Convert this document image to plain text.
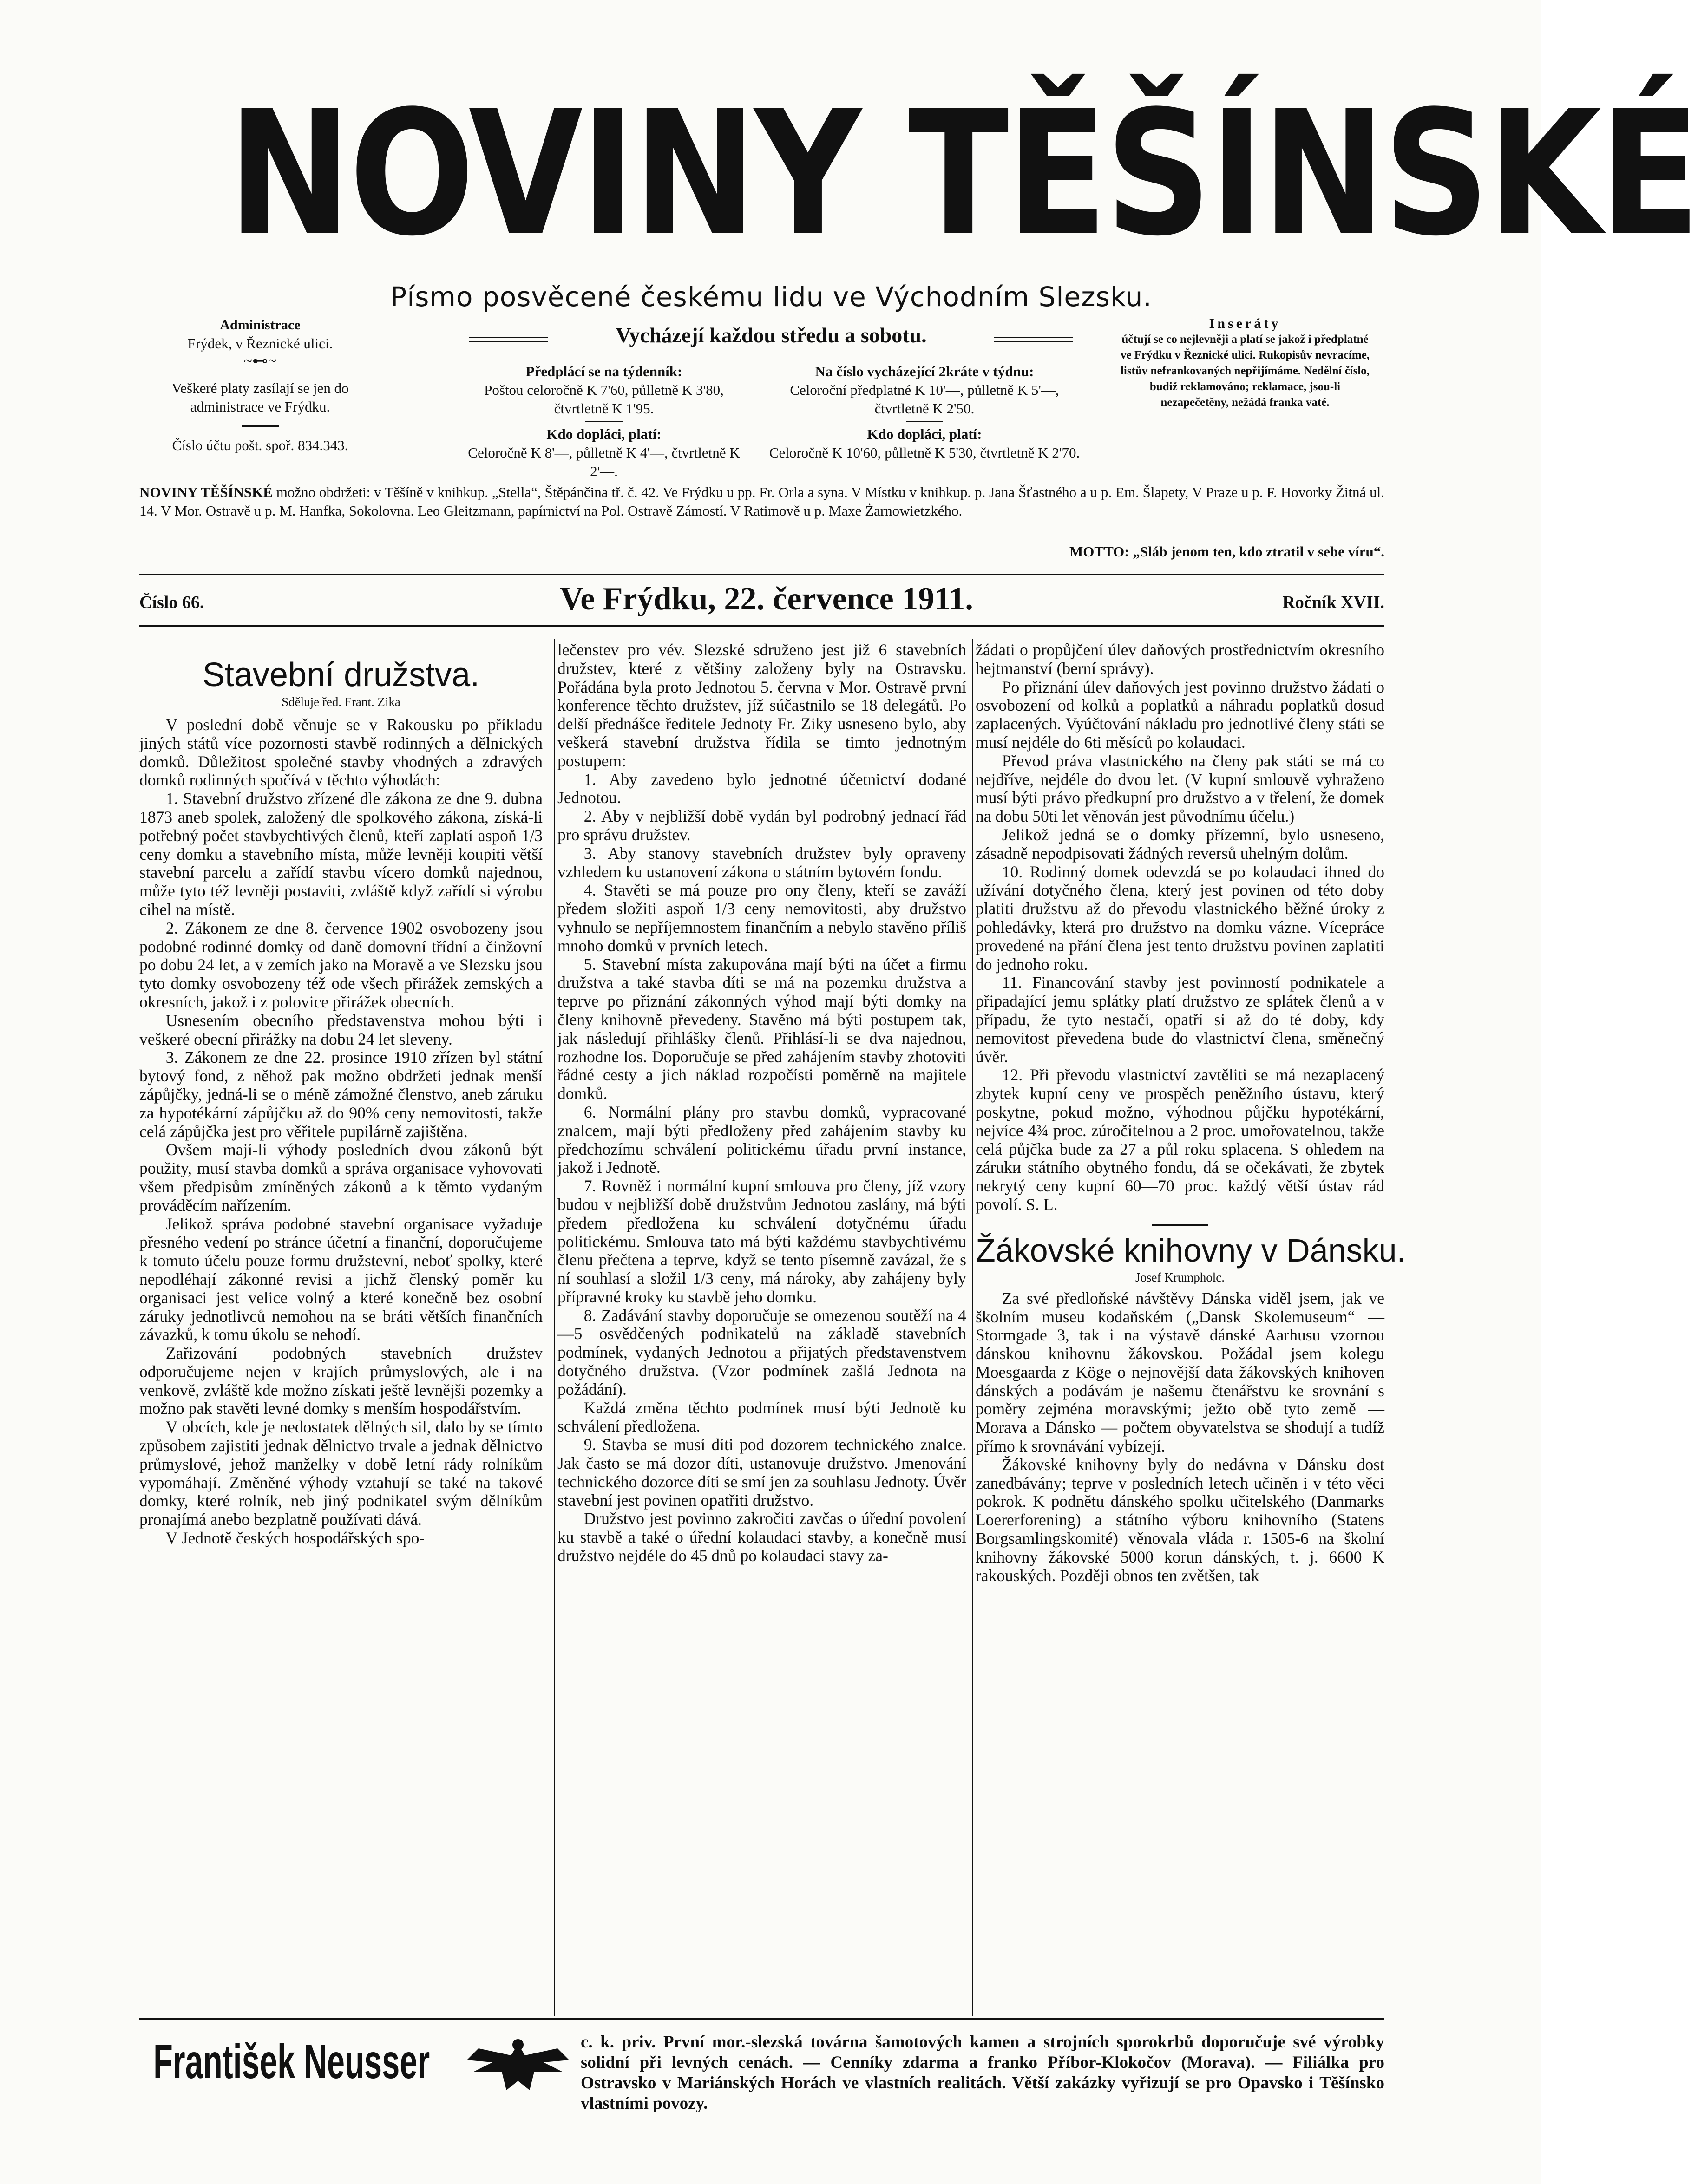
NOVINY TĚŠÍNSKÉ
Písmo posvěcené českému lidu ve Východním Slezsku.
Administrace
Frýdek, v Řeznické ulici.
~⊷~
Veškeré platy zasílají se jen do administrace ve Frýdku.
Číslo účtu pošt. spoř. 834.343.
Vycházejí každou středu a sobotu.
Předplácí se na týdenník:
Poštou celoročně K 7'60, půlletně K 3'80, čtvrtletně K 1'95.
Kdo dopláci, platí:
Celoročně K 8'—, půlletně K 4'—, čtvrtletně K 2'—.
Na číslo vycházející 2kráte v týdnu:
Celoroční předplatné K 10'—, půlletně K 5'—, čtvrtletně K 2'50.
Kdo dopláci, platí:
Celoročně K 10'60, půlletně K 5'30, čtvrtletně K 2'70.
Inseráty
účtují se co nejlevněji a platí se jakož i předplatné ve Frýdku v Řeznické ulici. Rukopisův nevracíme, listův nefrankovaných nepřijímáme. Nedělní číslo, budiž reklamováno; reklamace, jsou-li nezapečetěny, nežádá franka vaté.
NOVINY TĚŠÍNSKÉ možno obdržeti: v Těšíně v knihkup. „Stella“, Štěpánčina tř. č. 42. Ve Frýdku u pp. Fr. Orla a syna. V Místku v knihkup. p. Jana Šťastného a u p. Em. Šlapety, V Praze u p. F. Hovorky Žitná ul. 14. V Mor. Ostravě u p. M. Hanfka, Sokolovna. Leo Gleitzmann, papírnictví na Pol. Ostravě Zámostí. V Ratimově u p. Maxe Żarnowietzkého.
MOTTO: „Sláb jenom ten, kdo ztratil v sebe víru“.
Číslo 66.	Ve Frýdku, 22. července 1911.	Ročník XVII.
Stavební družstva.
Sděluje řed. Frant. Zika

V poslední době věnuje se v Rakousku po příkladu jiných států více pozornosti stavbě rodinných a dělnických domků. Důležitost společné stavby vhodných a zdravých domků rodinných spočívá v těchto výhodách:

1. Stavební družstvo zřízené dle zákona ze dne 9. dubna 1873 aneb spolek, založený dle spolkového zákona, získá-li potřebný počet stavbychtivých členů, kteří zaplatí aspoň 1/3 ceny domku a stavebního místa, může levněji koupiti větší stavební parcelu a zařídí stavbu vícero domků najednou, může tyto též levněji postaviti, zvláště když zařídí si výrobu cihel na místě.

2. Zákonem ze dne 8. července 1902 osvobozeny jsou podobné rodinné domky od daně domovní třídní a činžovní po dobu 24 let, a v zemích jako na Moravě a ve Slezsku jsou tyto domky osvobozeny též ode všech přirážek zemských a okresních, jakož i z polovice přirážek obecních.

Usnesením obecního představenstva mohou býti i veškeré obecní přirážky na dobu 24 let sleveny.

3. Zákonem ze dne 22. prosince 1910 zřízen byl státní bytový fond, z něhož pak možno obdržeti jednak menší zápůjčky, jedná-li se o méně zámožné členstvo, aneb záruku za hypotékární zápůjčku až do 90% ceny nemovitosti, takže celá zápůjčka jest pro věřitele pupilárně zajištěna.

Ovšem mají-li výhody posledních dvou zákonů být použity, musí stavba domků a správa organisace vyhovovati všem předpisům zmíněných zákonů a k těmto vydaným prováděcím nařízením.

Jelikož správa podobné stavební organisace vyžaduje přesného vedení po stránce účetní a finanční, doporučujeme k tomuto účelu pouze formu družstevní, neboť spolky, které nepodléhají zákonné revisi a jichž členský poměr ku organisaci jest velice volný a které konečně bez osobní záruky jednotlivců nemohou na se bráti větších finančních závazků, k tomu úkolu se nehodí.

Zařizování podobných stavebních družstev odporučujeme nejen v krajích průmyslových, ale i na venkově, zvláště kde možno získati ještě levnějši pozemky a možno pak stavěti levné domky s menším hospodářstvím.

V obcích, kde je nedostatek dělných sil, dalo by se tímto způsobem zajistiti jednak dělnictvo trvale a jednak dělnictvo průmyslové, jehož manželky v době letní rády rolníkům vypomáhají. Změněné výhody vztahují se také na takové domky, které rolník, neb jiný podnikatel svým dělníkům pronajímá anebo bezplatně používati dává.

V Jednotě českých hospodářských spo-

lečenstev pro vév. Slezské sdruženo jest již 6 stavebních družstev, které z většiny založeny byly na Ostravsku. Pořádána byla proto Jednotou 5. června v Mor. Ostravě první konference těchto družstev, jíž súčastnilo se 18 delegátů. Po delší přednášce ředitele Jednoty Fr. Ziky usneseno bylo, aby veškerá stavební družstva řídila se timto jednotným postupem:

1. Aby zavedeno bylo jednotné účetnictví dodané Jednotou.

2. Aby v nejbližší době vydán byl podrobný jednací řád pro správu družstev.

3. Aby stanovy stavebních družstev byly opraveny vzhledem ku ustanovení zákona o státním bytovém fondu.

4. Stavěti se má pouze pro ony členy, kteří se zaváží předem složiti aspoň 1/3 ceny nemovitosti, aby družstvo vyhnulo se nepříjemnostem finančním a nebylo stavěno příliš mnoho domků v prvních letech.

5. Stavební místa zakupována mají býti na účet a firmu družstva a také stavba díti se má na pozemku družstva a teprve po přiznání zákonných výhod mají býti domky na členy knihovně převedeny. Stavěno má býti postupem tak, jak následují přihlášky členů. Přihlásí-li se dva najednou, rozhodne los. Doporučuje se před zahájením stavby zhotoviti řádné cesty a jich náklad rozpočísti poměrně na majitele domků.

6. Normální plány pro stavbu domků, vypracované znalcem, mají býti předloženy před zahájením stavby ku předchozímu schválení politickému úřadu první instance, jakož i Jednotě.

7. Rovněž i normální kupní smlouva pro členy, jíž vzory budou v nejbližší době družstvům Jednotou zaslány, má býti předem předložena ku schválení dotyčnému úřadu politickému. Smlouva tato má býti každému stavbychtivému členu přečtena a teprve, když se tento písemně zavázal, že s ní souhlasí a složil 1/3 ceny, má nároky, aby zahájeny byly přípravné kroky ku stavbě jeho domku.

8. Zadávání stavby doporučuje se omezenou soutěží na 4—5 osvědčených podnikatelů na základě stavebních podmínek, vydaných Jednotou a přijatých představenstvem dotyčného družstva. (Vzor podmínek zašlá Jednota na požádání).

Každá změna těchto podmínek musí býti Jednotě ku schválení předložena.

9. Stavba se musí díti pod dozorem technického znalce. Jak často se má dozor díti, ustanovuje družstvo. Jmenování technického dozorce díti se smí jen za souhlasu Jednoty. Úvěr stavební jest povinen opatřiti družstvo.

Družstvo jest povinno zakročiti zavčas o úřední povolení ku stavbě a také o úřední kolaudaci stavby, a konečně musí družstvo nejdéle do 45 dnů po kolaudaci stavy za-

žádati o propůjčení úlev daňových prostřednictvím okresního hejtmanství (berní správy).

Po přiznání úlev daňových jest povinno družstvo žádati o osvobození od kolků a poplatků a náhradu poplatků dosud zaplacených. Vyúčtování nákladu pro jednotlivé členy státi se musí nejdéle do 6ti měsíců po kolaudaci.

Převod práva vlastnického na členy pak státi se má co nejdříve, nejdéle do dvou let. (V kupní smlouvě vyhraženo musí býti právo předkupní pro družstvo a v třelení, že domek na dobu 50ti let věnován jest původnímu účelu.)

Jelikož jedná se o domky přízemní, bylo usneseno, zásadně nepodpisovati žádných reversů uhelným dolům.

10. Rodinný domek odevzdá se po kolaudaci ihned do užívání dotyčného člena, který jest povinen od této doby platiti družstvu až do převodu vlastnického běžné úroky z pohledávky, která pro družstvo na domku vázne. Víceprácе provedené na přání člena jest tento družstvu povinen zaplatiti do jednoho roku.

11. Financování stavby jest povinností podnikatele a připadající jemu splátky platí družstvo ze splátek členů a v případu, že tyto nestačí, opatří si až do té doby, kdy nemovitost převedena bude do vlastnictví člena, směnečný úvěr.

12. Při převodu vlastnictví zavtěliti se má nezaplacený zbytek kupní ceny ve prospěch peněžního ústavu, který poskytne, pokud možno, výhodnou půjčku hypotékární, nejvíce 4¾ proc. zúročitelnou a 2 proc. umořovatelnou, takže celá půjčka bude za 27 a půl roku splacena. S ohledem na zárukи státního obytného fondu, dá se očekávati, že zbytek nekrytý ceny kupní 60—70 proc. každý větší ústav rád povolí. S. L.

Žákovské knihovny v Dánsku.
Josef Krumpholc.

Za své předloňské návštěvy Dánska viděl jsem, jak ve školním museu kodaňském („Dansk Skolemuseum“ — Stormgade 3, tak i na výstavě dánské Aarhusu vzornou dánskou knihovnu žákovskou. Požádal jsem kolegu Moesgaarda z Köge o nejnovější data žákovských knihoven dánských a podávám je našemu čtenářstvu ke srovnání s poměry zejména moravskými; ježto obě tyto země — Morava a Dánsko — počtem obyvatelstva se shodují a tudíž přímo k srovnávání vybízejí.

Žákovské knihovny byly do nedávna v Dánsku dost zanedbávány; teprve v posledních letech učiněn i v této věci pokrok. K podnětu dánského spolku učitelského (Danmarks Loererforening) a státního výboru knihovního (Statens Borgsamlingskomité) věnovala vláda r. 1505-6 na školní knihovny žákovské 5000 korun dánských, t. j. 6600 K rakouských. Později obnos ten zvětšen, tak

František Neusser	c. k. priv. První mor.-slezská továrna šamotových kamen a strojních sporokrbů doporučuje své výrobky solidní při levných cenách. — Cenníky zdarma a franko Příbor-Klokočov (Morava). — Filiálka pro Ostravsko v Mariánských Horách ve vlastních realitách. Větší zakázky vyřizují se pro Opavsko i Těšínsko vlastními povozy.
